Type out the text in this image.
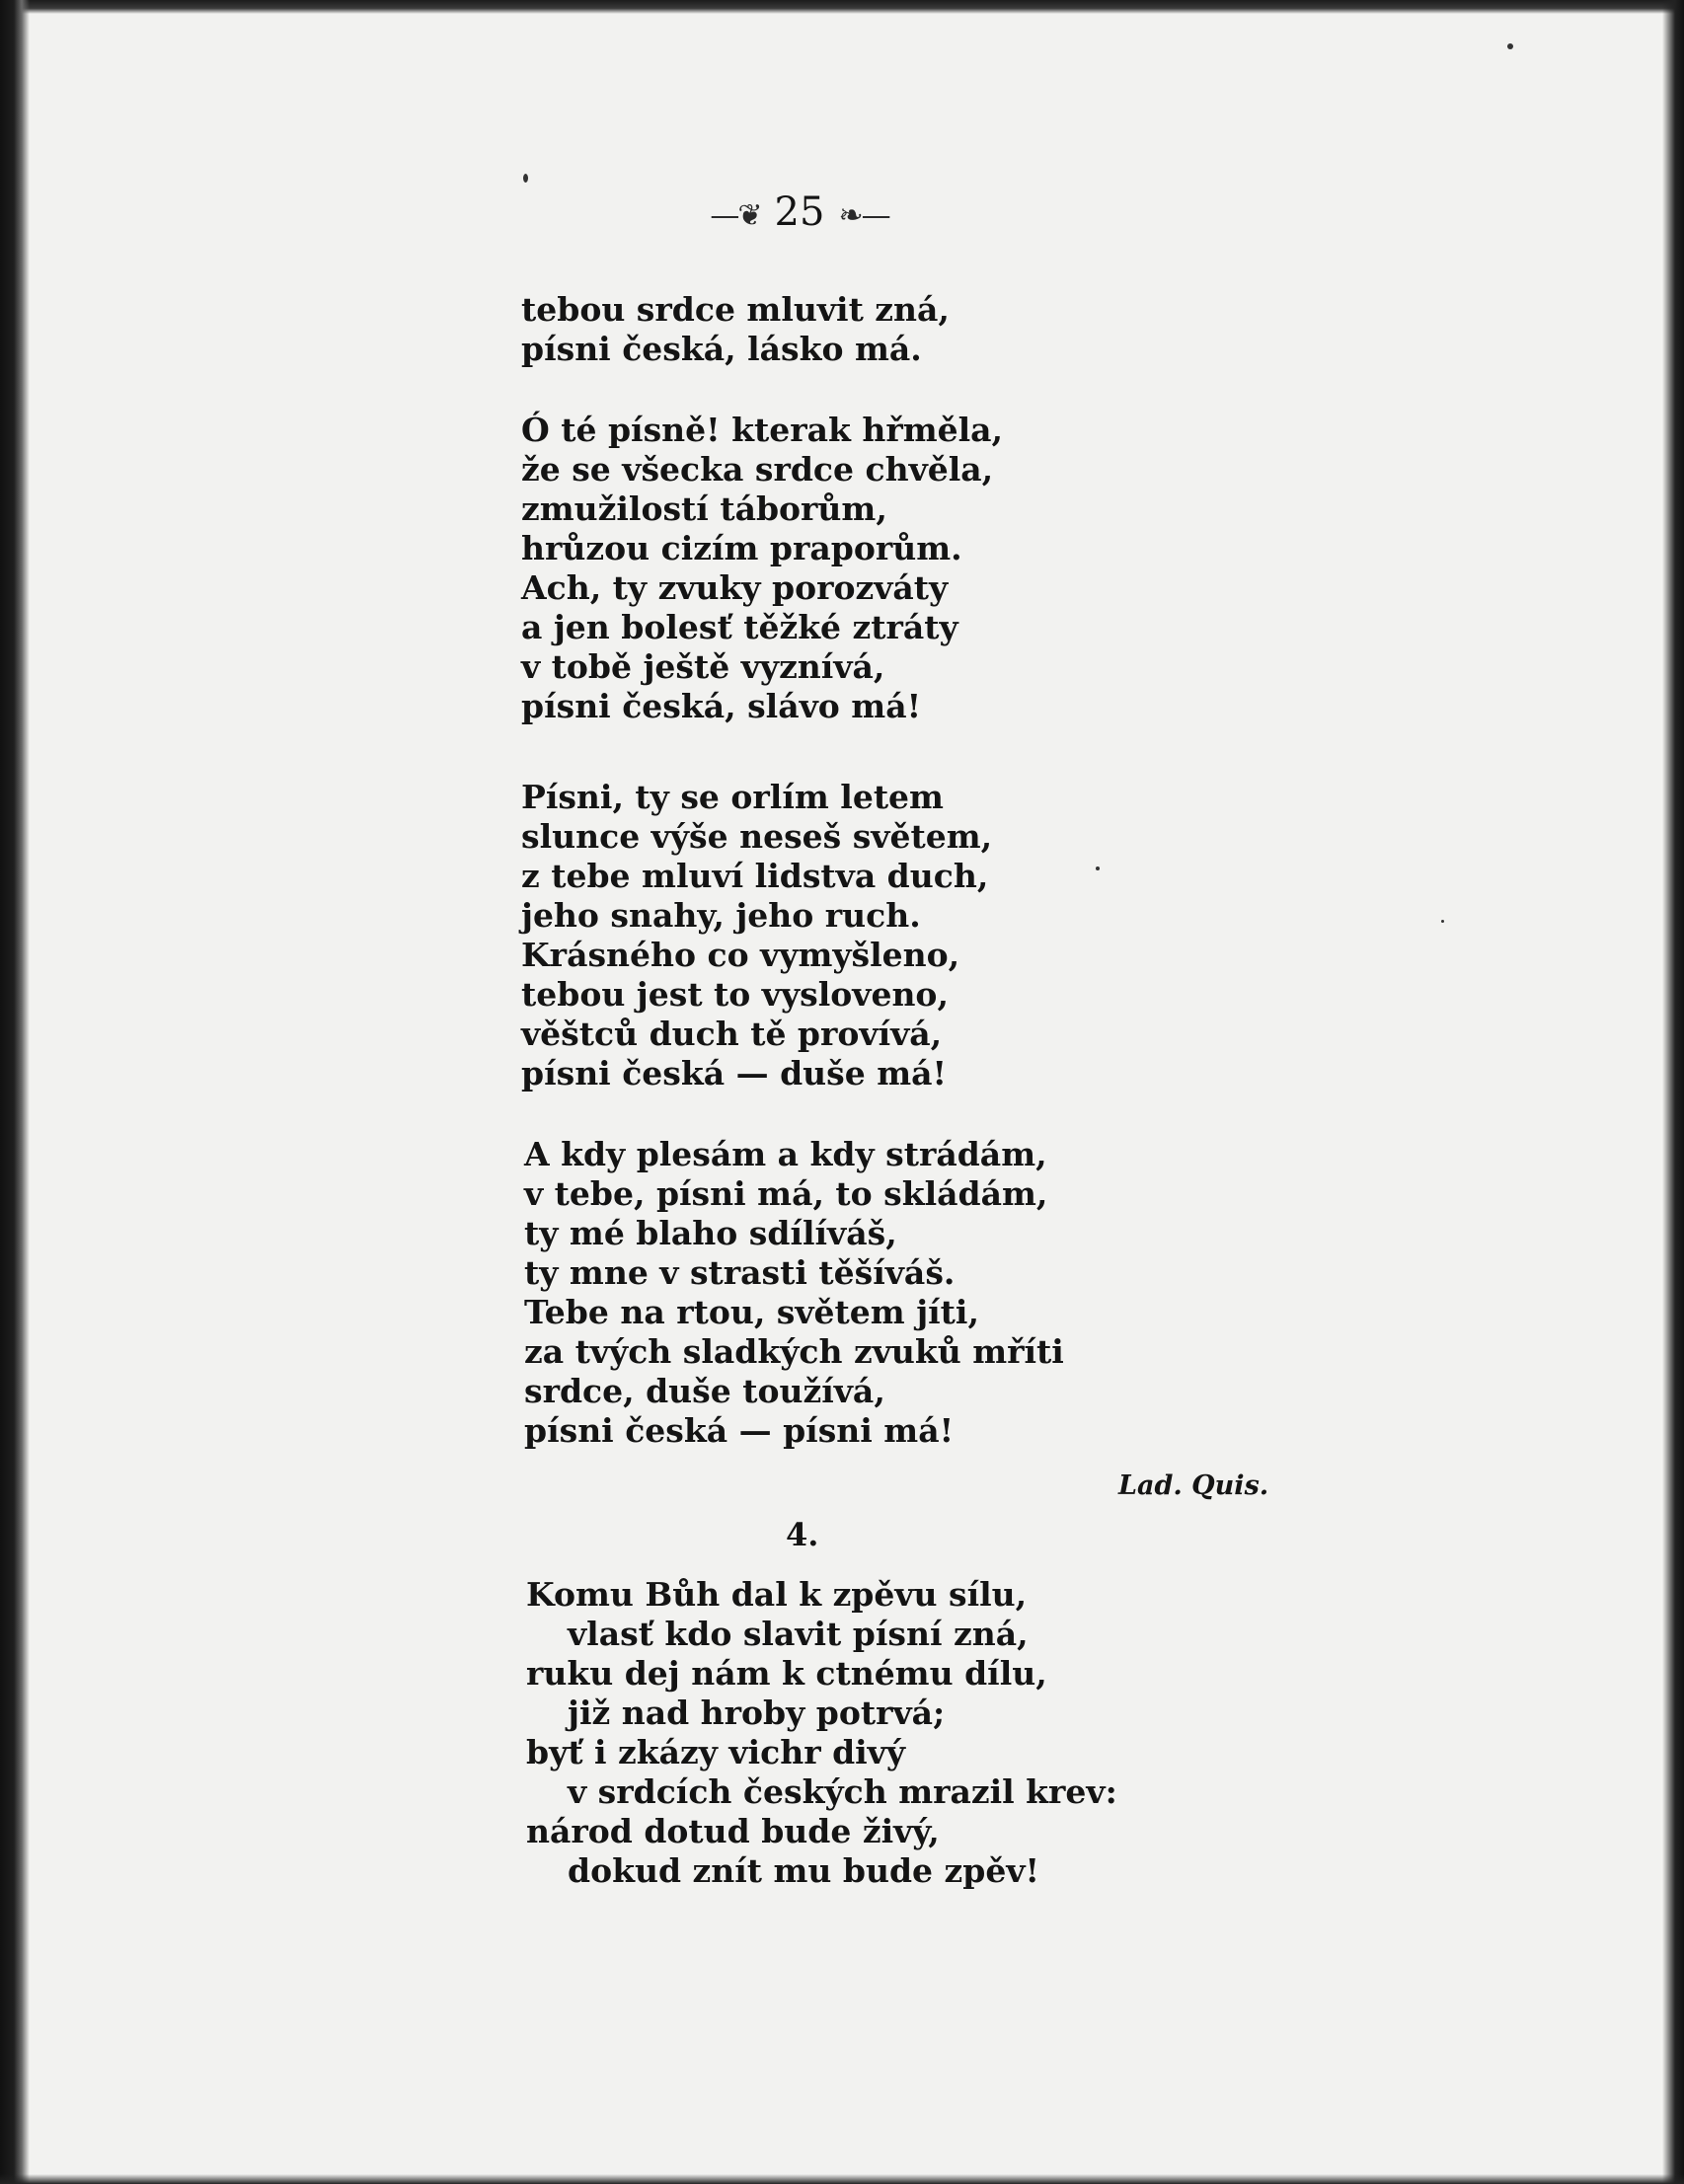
—❦ 25 ❧—
tebou srdce mluvit zná,
písni česká, lásko má.
Ó té písně! kterak hřměla,
že se všecka srdce chvěla,
zmužilostí táborům,
hrůzou cizím praporům.
Ach, ty zvuky porozváty
a jen bolesť těžké ztráty
v tobě ještě vyznívá,
písni česká, slávo má!
Písni, ty se orlím letem
slunce výše neseš světem,
z tebe mluví lidstva duch,
jeho snahy, jeho ruch.
Krásného co vymyšleno,
tebou jest to vysloveno,
věštců duch tě provívá,
písni česká — duše má!
A kdy plesám a kdy strádám,
v tebe, písni má, to skládám,
ty mé blaho sdílíváš,
ty mne v strasti těšíváš.
Tebe na rtou, světem jíti,
za tvých sladkých zvuků mříti
srdce, duše toužívá,
písni česká — písni má!
Lad. Quis.
4.
Komu Bůh dal k zpěvu sílu,
vlasť kdo slavit písní zná,
ruku dej nám k ctnému dílu,
již nad hroby potrvá;
byť i zkázy vichr divý
v srdcích českých mrazil krev:
národ dotud bude živý,
dokud znít mu bude zpěv!
